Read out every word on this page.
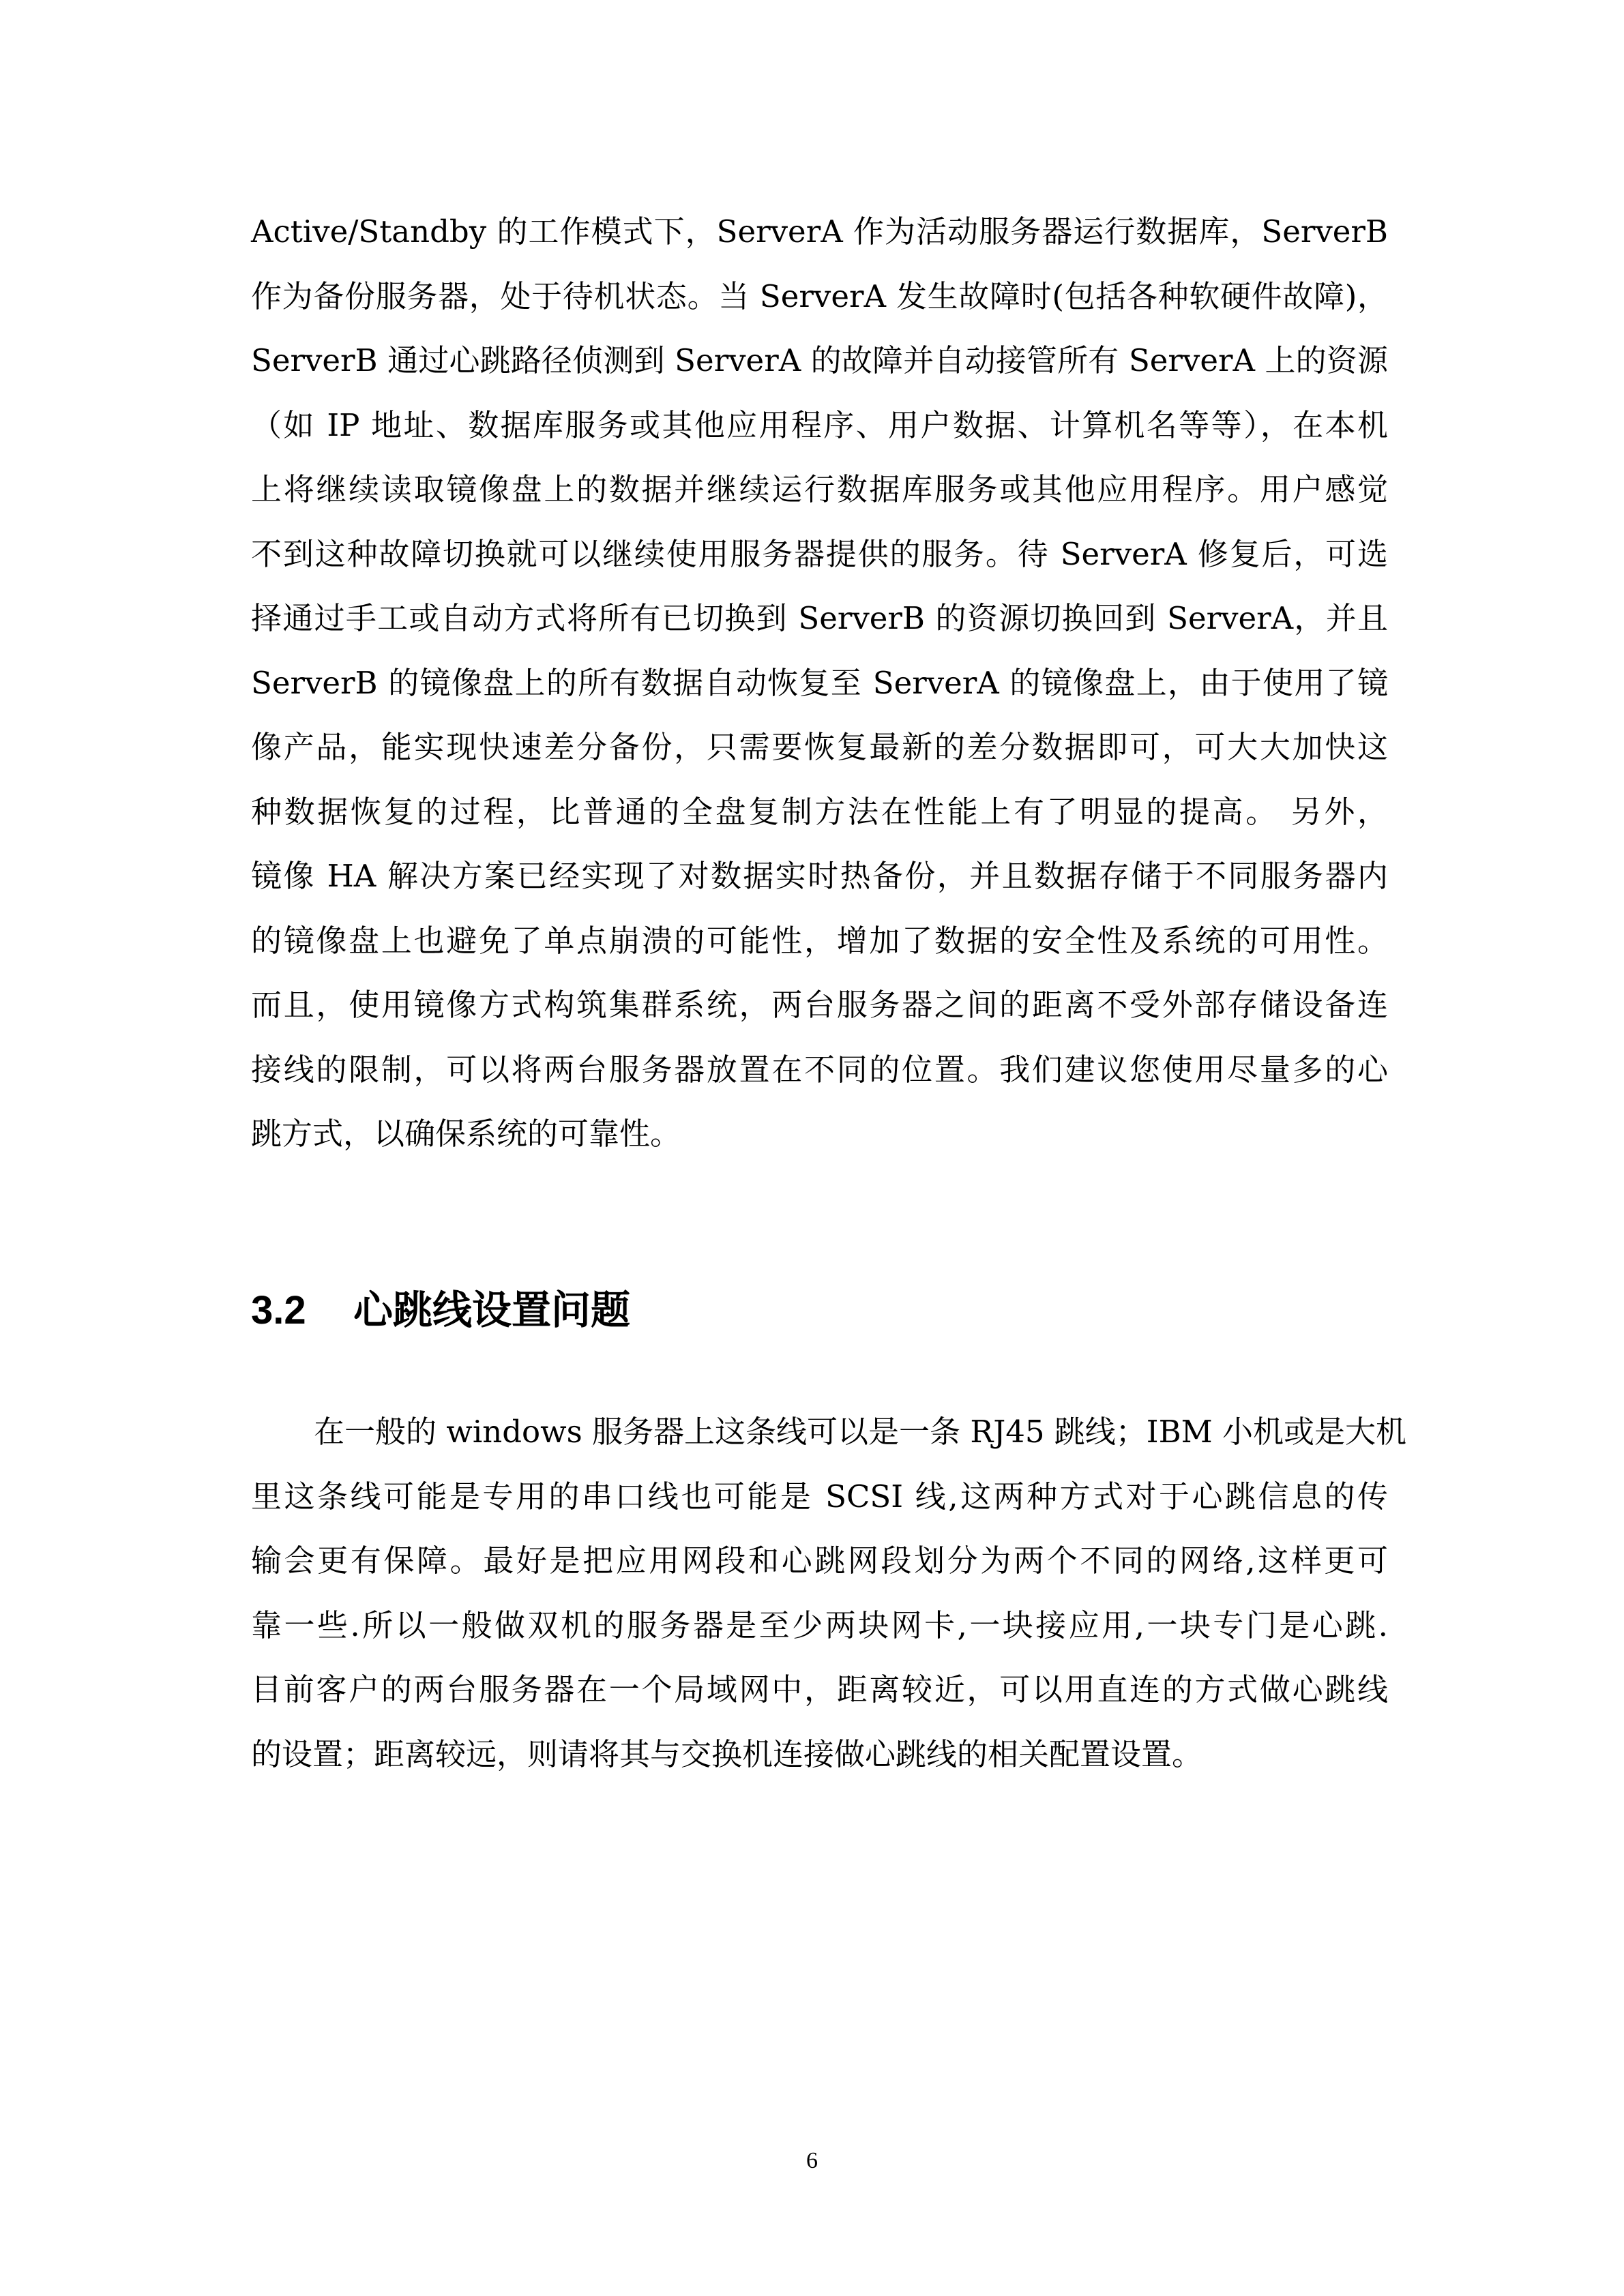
Active/Standby 的工作模式下，ServerA 作为活动服务器运行数据库，ServerB
作为备份服务器，处于待机状态。当 ServerA 发生故障时(包括各种软硬件故障)，
ServerB 通过心跳路径侦测到 ServerA 的故障并自动接管所有 ServerA 上的资源
（如 IP 地址、数据库服务或其他应用程序、用户数据、计算机名等等），在本机
上将继续读取镜像盘上的数据并继续运行数据库服务或其他应用程序。用户感觉
不到这种故障切换就可以继续使用服务器提供的服务。待 ServerA 修复后，可选
择通过手工或自动方式将所有已切换到 ServerB 的资源切换回到 ServerA，并且
ServerB 的镜像盘上的所有数据自动恢复至 ServerA 的镜像盘上，由于使用了镜
像产品，能实现快速差分备份，只需要恢复最新的差分数据即可，可大大加快这
种数据恢复的过程，比普通的全盘复制方法在性能上有了明显的提高。 另外，
镜像 HA 解决方案已经实现了对数据实时热备份，并且数据存储于不同服务器内
的镜像盘上也避免了单点崩溃的可能性，增加了数据的安全性及系统的可用性。
而且，使用镜像方式构筑集群系统，两台服务器之间的距离不受外部存储设备连
接线的限制，可以将两台服务器放置在不同的位置。我们建议您使用尽量多的心
跳方式，以确保系统的可靠性。
3.2 心跳线设置问题
在一般的 windows 服务器上这条线可以是一条 RJ45 跳线；IBM 小机或是大机
里这条线可能是专用的串口线也可能是 SCSI 线,这两种方式对于心跳信息的传
输会更有保障。最好是把应用网段和心跳网段划分为两个不同的网络,这样更可
靠一些.所以一般做双机的服务器是至少两块网卡,一块接应用,一块专门是心跳.
目前客户的两台服务器在一个局域网中，距离较近，可以用直连的方式做心跳线
的设置；距离较远，则请将其与交换机连接做心跳线的相关配置设置。
6
